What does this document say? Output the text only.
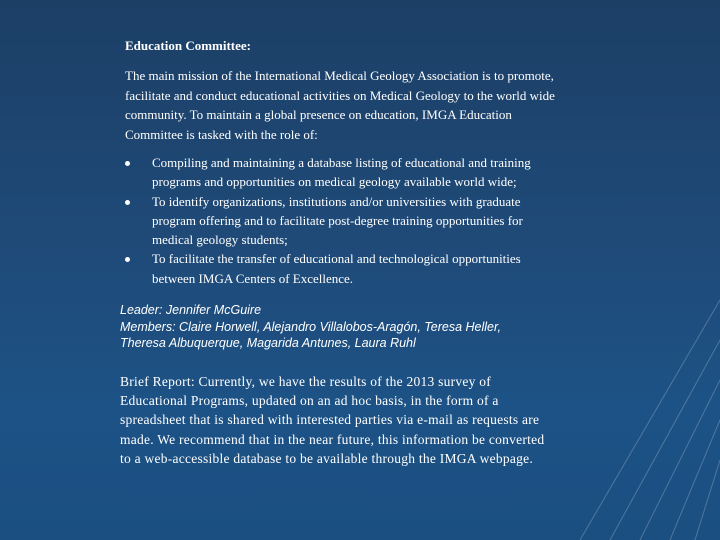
Education Committee:

The main mission of the International Medical Geology Association is to promote, facilitate and conduct educational activities on Medical Geology to the world wide community. To maintain a global presence on education, IMGA Education Committee is tasked with the role of:

Compiling and maintaining a database listing of educational and training programs and opportunities on medical geology available world wide;
To identify organizations, institutions and/or universities with graduate program offering and to facilitate post-degree training opportunities for medical geology students;
To facilitate the transfer of educational and technological opportunities between IMGA Centers of Excellence.

Leader: Jennifer McGuire
Members: Claire Horwell, Alejandro Villalobos-Aragón, Teresa Heller, Theresa Albuquerque, Magarida Antunes, Laura Ruhl

Brief Report: Currently, we have the results of the 2013 survey of Educational Programs, updated on an ad hoc basis, in the form of a spreadsheet that is shared with interested parties via e-mail as requests are made. We recommend that in the near future, this information be converted to a web-accessible database to be available through the IMGA webpage.
